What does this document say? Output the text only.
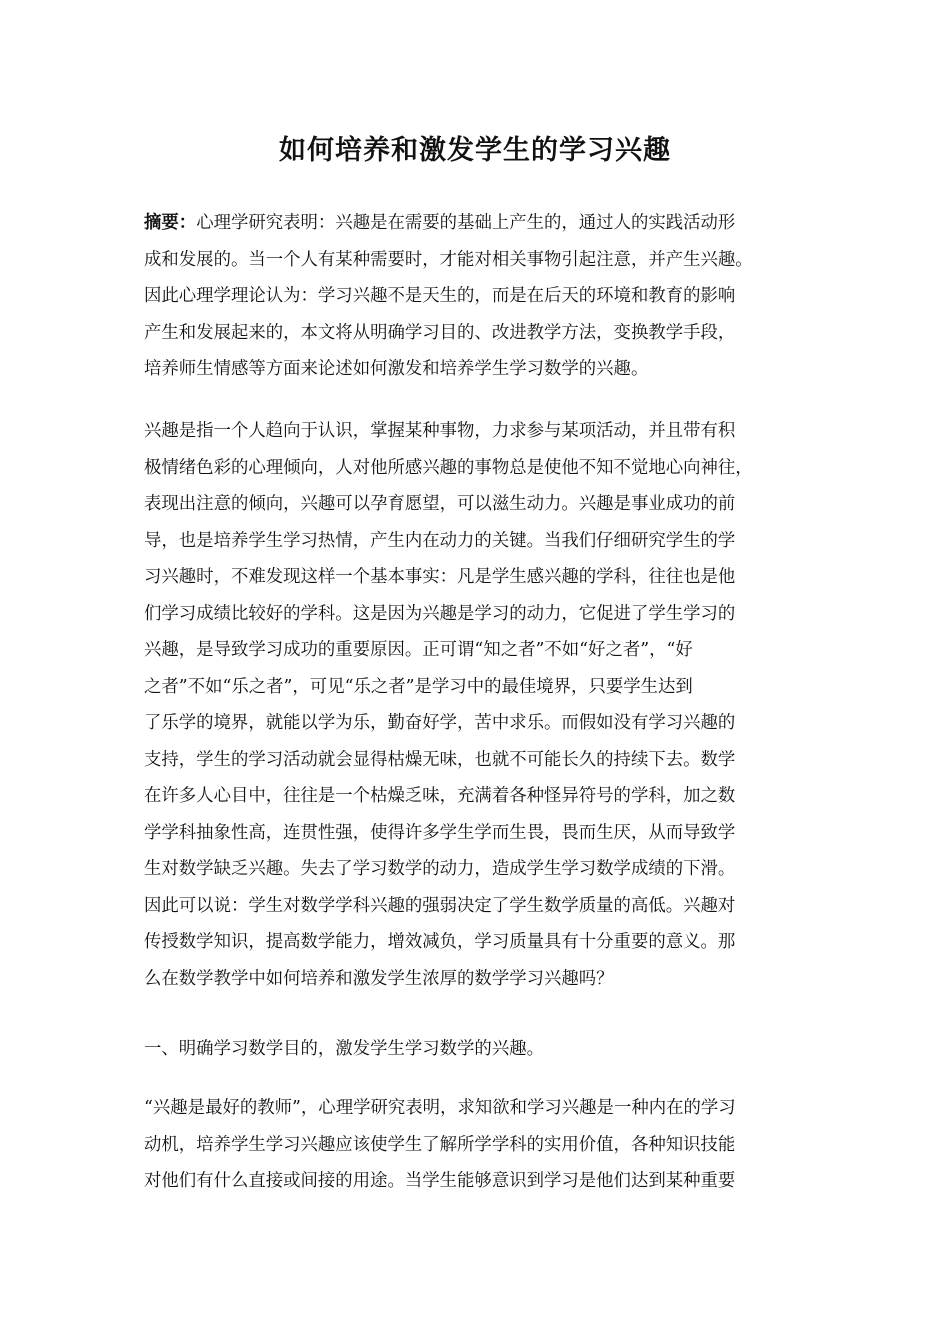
如何培养和激发学生的学习兴趣
摘要：心理学研究表明：兴趣是在需要的基础上产生的，通过人的实践活动形
成和发展的。当一个人有某种需要时，才能对相关事物引起注意，并产生兴趣。
因此心理学理论认为：学习兴趣不是天生的，而是在后天的环境和教育的影响
产生和发展起来的，本文将从明确学习目的、改进教学方法，变换教学手段，
培养师生情感等方面来论述如何激发和培养学生学习数学的兴趣。
兴趣是指一个人趋向于认识，掌握某种事物，力求参与某项活动，并且带有积
极情绪色彩的心理倾向，人对他所感兴趣的事物总是使他不知不觉地心向神往，
表现出注意的倾向，兴趣可以孕育愿望，可以滋生动力。兴趣是事业成功的前
导，也是培养学生学习热情，产生内在动力的关键。当我们仔细研究学生的学
习兴趣时，不难发现这样一个基本事实：凡是学生感兴趣的学科，往往也是他
们学习成绩比较好的学科。这是因为兴趣是学习的动力，它促进了学生学习的
兴趣，是导致学习成功的重要原因。正可谓“知之者”不如“好之者”，“好
之者”不如“乐之者”，可见“乐之者”是学习中的最佳境界，只要学生达到
了乐学的境界，就能以学为乐，勤奋好学，苦中求乐。而假如没有学习兴趣的
支持，学生的学习活动就会显得枯燥无味，也就不可能长久的持续下去。数学
在许多人心目中，往往是一个枯燥乏味，充满着各种怪异符号的学科，加之数
学学科抽象性高，连贯性强，使得许多学生学而生畏，畏而生厌，从而导致学
生对数学缺乏兴趣。失去了学习数学的动力，造成学生学习数学成绩的下滑。
因此可以说：学生对数学学科兴趣的强弱决定了学生数学质量的高低。兴趣对
传授数学知识，提高数学能力，增效减负，学习质量具有十分重要的意义。那
么在数学教学中如何培养和激发学生浓厚的数学学习兴趣吗？
一、明确学习数学目的，激发学生学习数学的兴趣。
“兴趣是最好的教师”，心理学研究表明，求知欲和学习兴趣是一种内在的学习
动机，培养学生学习兴趣应该使学生了解所学学科的实用价值，各种知识技能
对他们有什么直接或间接的用途。当学生能够意识到学习是他们达到某种重要
